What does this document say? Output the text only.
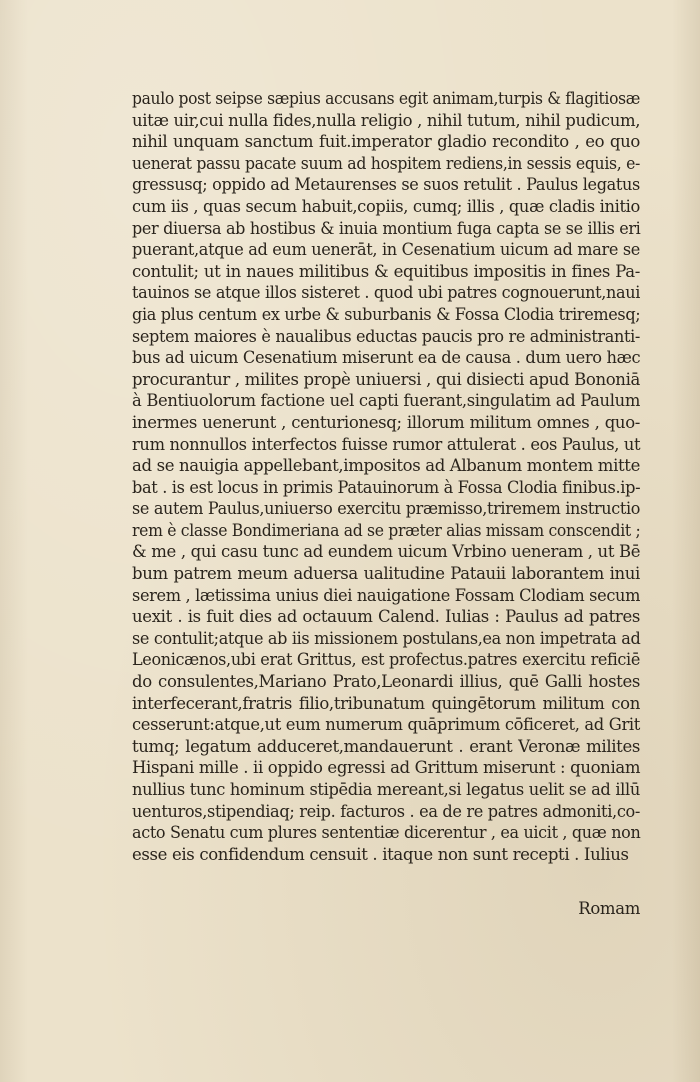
paulo post seipse sæpius accusans egit animam,turpis & flagitiosæ
uitæ uir,cui nulla fides,nulla religio , nihil tutum, nihil pudicum,
nihil unquam sanctum fuit.imperator gladio recondito , eo quo
uenerat passu pacate suum ad hospitem rediens,in sessis equis, e-
gressusq; oppido ad Metaurenses se suos retulit . Paulus legatus
cum iis , quas secum habuit,copiis, cumq; illis , quæ cladis initio
per diuersa ab hostibus & inuia montium fuga capta se se illis eri
puerant,atque ad eum uenerāt, in Cesenatium uicum ad mare se
contulit; ut in naues militibus & equitibus impositis in fines Pa-
tauinos se atque illos sisteret . quod ubi patres cognouerunt,naui
gia plus centum ex urbe & suburbanis & Fossa Clodia triremesq;
septem maiores è naualibus eductas paucis pro re administranti-
bus ad uicum Cesenatium miserunt ea de causa . dum uero hæc
procurantur , milites propè uniuersi , qui disiecti apud Bononiā
à Bentiuolorum factione uel capti fuerant,singulatim ad Paulum
inermes uenerunt , centurionesq; illorum militum omnes , quo-
rum nonnullos interfectos fuisse rumor attulerat . eos Paulus, ut
ad se nauigia appellebant,impositos ad Albanum montem mitte
bat . is est locus in primis Patauinorum à Fossa Clodia finibus.ip-
se autem Paulus,uniuerso exercitu præmisso,triremem instructio
rem è classe Bondimeriana ad se præter alias missam conscendit ;
& me , qui casu tunc ad eundem uicum Vrbino ueneram , ut Bē
bum patrem meum aduersa ualitudine Patauii laborantem inui
serem , lætissima unius diei nauigatione Fossam Clodiam secum
uexit . is fuit dies ad octauum Calend. Iulias : Paulus ad patres
se contulit;atque ab iis missionem postulans,ea non impetrata ad
Leonicænos,ubi erat Grittus, est profectus.patres exercitu reficiē
do consulentes,Mariano Prato,Leonardi illius, quē Galli hostes
interfecerant,fratris filio,tribunatum quingētorum militum con
cesserunt:atque,ut eum numerum quāprimum cōficeret, ad Grit
tumq; legatum adduceret,mandauerunt . erant Veronæ milites
Hispani mille . ii oppido egressi ad Grittum miserunt : quoniam
nullius tunc hominum stipēdia mereant,si legatus uelit se ad illū
uenturos,stipendiaq; reip. facturos . ea de re patres admoniti,co-
acto Senatu cum plures sententiæ dicerentur , ea uicit , quæ non
esse eis confidendum censuit . itaque non sunt recepti . Iulius
Romam
